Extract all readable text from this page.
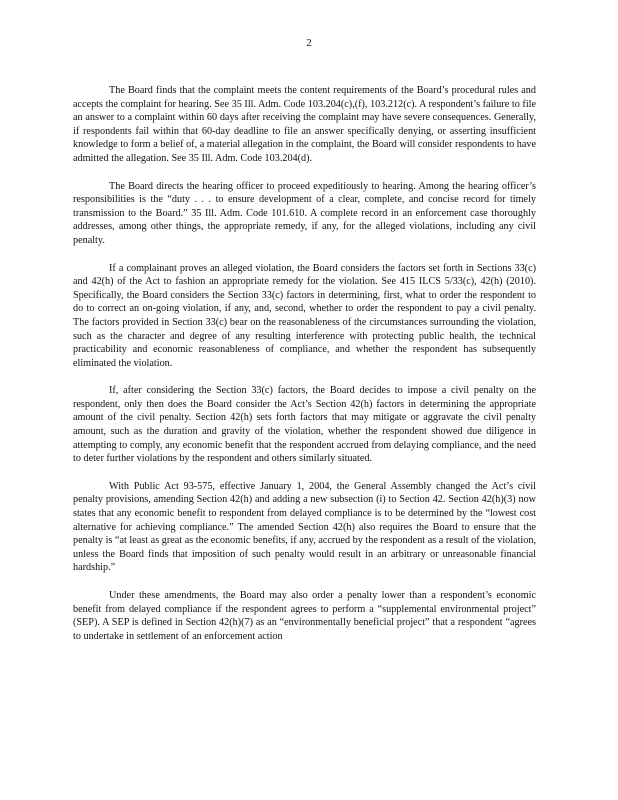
2

The Board finds that the complaint meets the content requirements of the Board’s procedural rules and accepts the complaint for hearing. See 35 Ill. Adm. Code 103.204(c),(f), 103.212(c). A respondent’s failure to file an answer to a complaint within 60 days after receiving the complaint may have severe consequences. Generally, if respondents fail within that 60-day deadline to file an answer specifically denying, or asserting insufficient knowledge to form a belief of, a material allegation in the complaint, the Board will consider respondents to have admitted the allegation. See 35 Ill. Adm. Code 103.204(d).

The Board directs the hearing officer to proceed expeditiously to hearing. Among the hearing officer’s responsibilities is the “duty . . . to ensure development of a clear, complete, and concise record for timely transmission to the Board.” 35 Ill. Adm. Code 101.610. A complete record in an enforcement case thoroughly addresses, among other things, the appropriate remedy, if any, for the alleged violations, including any civil penalty.

If a complainant proves an alleged violation, the Board considers the factors set forth in Sections 33(c) and 42(h) of the Act to fashion an appropriate remedy for the violation. See 415 ILCS 5/33(c), 42(h) (2010). Specifically, the Board considers the Section 33(c) factors in determining, first, what to order the respondent to do to correct an on-going violation, if any, and, second, whether to order the respondent to pay a civil penalty. The factors provided in Section 33(c) bear on the reasonableness of the circumstances surrounding the violation, such as the character and degree of any resulting interference with protecting public health, the technical practicability and economic reasonableness of compliance, and whether the respondent has subsequently eliminated the violation.

If, after considering the Section 33(c) factors, the Board decides to impose a civil penalty on the respondent, only then does the Board consider the Act’s Section 42(h) factors in determining the appropriate amount of the civil penalty. Section 42(h) sets forth factors that may mitigate or aggravate the civil penalty amount, such as the duration and gravity of the violation, whether the respondent showed due diligence in attempting to comply, any economic benefit that the respondent accrued from delaying compliance, and the need to deter further violations by the respondent and others similarly situated.

With Public Act 93-575, effective January 1, 2004, the General Assembly changed the Act’s civil penalty provisions, amending Section 42(h) and adding a new subsection (i) to Section 42. Section 42(h)(3) now states that any economic benefit to respondent from delayed compliance is to be determined by the “lowest cost alternative for achieving compliance.” The amended Section 42(h) also requires the Board to ensure that the penalty is “at least as great as the economic benefits, if any, accrued by the respondent as a result of the violation, unless the Board finds that imposition of such penalty would result in an arbitrary or unreasonable financial hardship.”

Under these amendments, the Board may also order a penalty lower than a respondent’s economic benefit from delayed compliance if the respondent agrees to perform a “supplemental environmental project” (SEP). A SEP is defined in Section 42(h)(7) as an “environmentally beneficial project” that a respondent “agrees to undertake in settlement of an enforcement action
